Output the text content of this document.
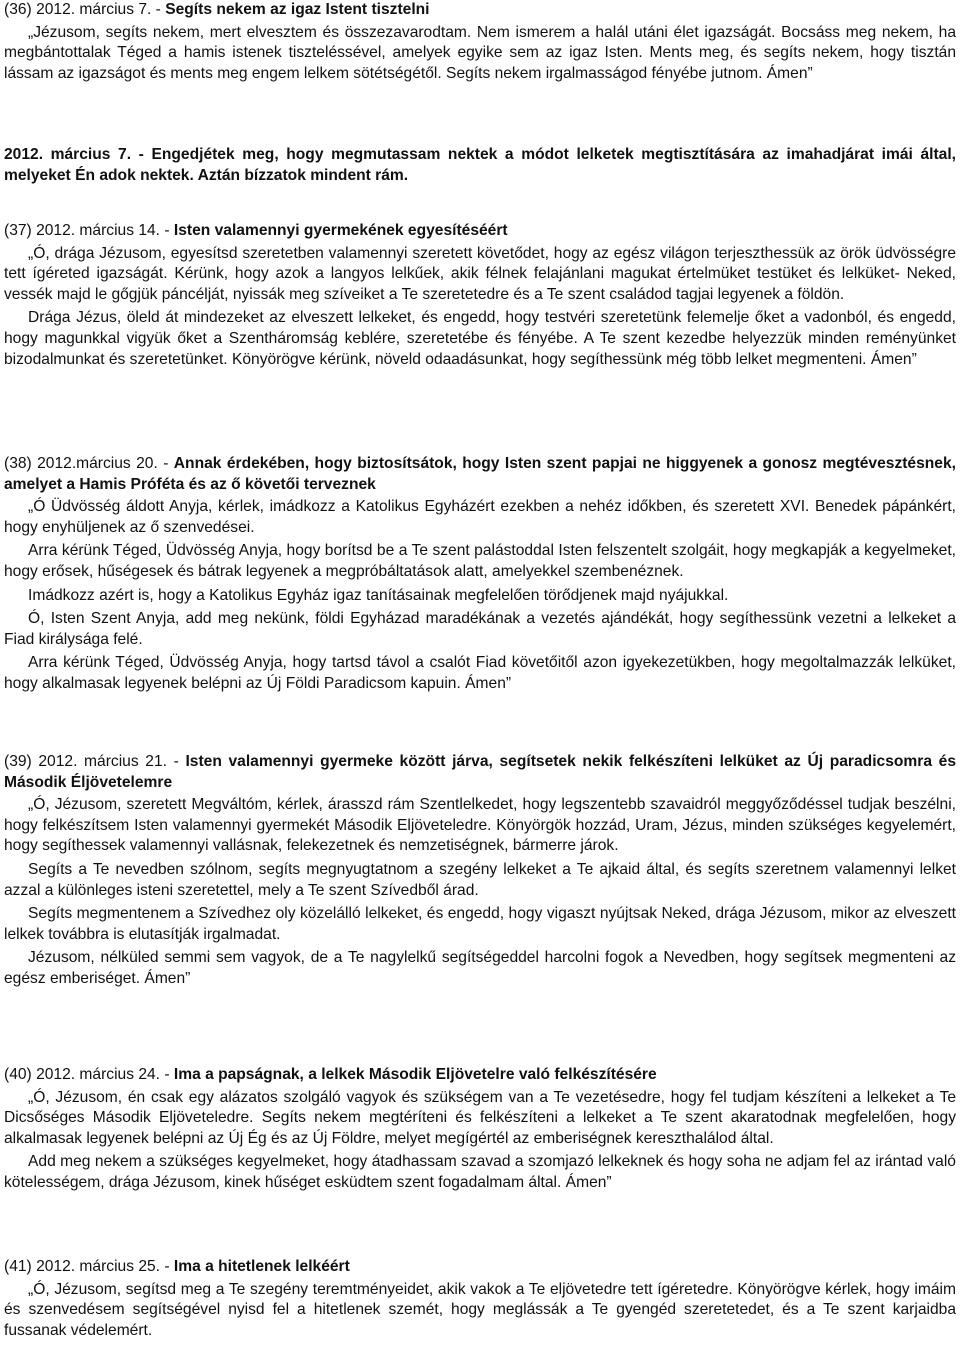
(36) 2012. március 7. - Segíts nekem az igaz Istent tisztelni

„Jézusom, segíts nekem, mert elvesztem és összezavarodtam. Nem ismerem a halál utáni élet igazságát. Bocsáss meg nekem, ha megbántottalak Téged a hamis istenek tiszteléssével, amelyek egyike sem az igaz Isten. Ments meg, és segíts nekem, hogy tisztán lássam az igazságot és ments meg engem lelkem sötétségétől. Segíts nekem irgalmasságod fényébe jutnom. Ámen”

2012. március 7. - Engedjétek meg, hogy megmutassam nektek a módot lelketek megtisztítására az imahadjárat imái által, melyeket Én adok nektek. Aztán bízzatok mindent rám.

(37) 2012. március 14. - Isten valamennyi gyermekének egyesítéséért

„Ó, drága Jézusom, egyesítsd szeretetben valamennyi szeretett követődet, hogy az egész világon terjeszthessük az örök üdvösségre tett ígéreted igazságát. Kérünk, hogy azok a langyos lelkűek, akik félnek felajánlani magukat értelmüket testüket és lelküket- Neked, vessék majd le gőgjük páncélját, nyissák meg szíveiket a Te szeretetedre és a Te szent családod tagjai legyenek a földön.

Drága Jézus, öleld át mindezeket az elveszett lelkeket, és engedd, hogy testvéri szeretetünk felemelje őket a vadonból, és engedd, hogy magunkkal vigyük őket a Szentháromság keblére, szeretetébe és fényébe. A Te szent kezedbe helyezzük minden reményünket bizodalmunkat és szeretetünket. Könyörögve kérünk, növeld odaadásunkat, hogy segíthessünk még több lelket megmenteni. Ámen”

(38) 2012.március 20. - Annak érdekében, hogy biztosítsátok, hogy Isten szent papjai ne higgyenek a gonosz megtévesztésnek, amelyet a Hamis Próféta és az ő követői terveznek

„Ó Üdvösség áldott Anyja, kérlek, imádkozz a Katolikus Egyházért ezekben a nehéz időkben, és szeretett XVI. Benedek pápánkért, hogy enyhüljenek az ő szenvedései.

Arra kérünk Téged, Üdvösség Anyja, hogy borítsd be a Te szent palástoddal Isten felszentelt szolgáit, hogy megkapják a kegyelmeket, hogy erősek, hűségesek és bátrak legyenek a megpróbáltatások alatt, amelyekkel szembenéznek.

Imádkozz azért is, hogy a Katolikus Egyház igaz tanításainak megfelelően törődjenek majd nyájukkal.

Ó, Isten Szent Anyja, add meg nekünk, földi Egyházad maradékának a vezetés ajándékát, hogy segíthessünk vezetni a lelkeket a Fiad királysága felé.

Arra kérünk Téged, Üdvösség Anyja, hogy tartsd távol a csalót Fiad követőitől azon igyekezetükben, hogy megoltalmazzák lelküket, hogy alkalmasak legyenek belépni az Új Földi Paradicsom kapuin. Ámen”

(39) 2012. március 21. - Isten valamennyi gyermeke között járva, segítsetek nekik felkészíteni lelküket az Új paradicsomra és Második Éljövetelemre

„Ó, Jézusom, szeretett Megváltóm, kérlek, árasszd rám Szentlelkedet, hogy legszentebb szavaidról meggyőződéssel tudjak beszélni, hogy felkészítsem Isten valamennyi gyermekét Második Eljövetel​edre. Könyörgök hozzád, Uram, Jézus, minden szükséges kegyelemért, hogy segíthessek valamennyi vallásnak, felekezetnek és nemzetiségnek, bármerre járok.

Segíts a Te nevedben szólnom, segíts megnyugtatnom a szegény lelkeket a Te ajkaid által, és segíts szeretnem valamennyi lelket azzal a különleges isteni szeretettel, mely a Te szent Szívedből árad.

Segíts megmentenem a Szívedhez oly közelálló lelkeket, és engedd, hogy vigaszt nyújtsak Neked, drága Jézusom, mikor az elveszett lelkek továbbra is elutasítják irgalmadat.

Jézusom, nélküled semmi sem vagyok, de a Te nagylelkű segítségeddel harcolni fogok a Nevedben, hogy segítsek megmenteni az egész emberiséget. Ámen”

(40) 2012. március 24. - Ima a papságnak, a lelkek Második Eljövetelre való felkészítésére

„Ó, Jézusom, én csak egy alázatos szolgáló vagyok és szükségem van a Te vezetésedre, hogy fel tudjam készíteni a lelkeket a Te Dicsőséges Második Eljövetel​edre. Segíts nekem megtéríteni és felkészíteni a lelkeket a Te szent akaratodnak megfelelően, hogy alkalmasak legyenek belépni az Új Ég és az Új Földre, melyet megígértél az emberiségnek kereszthalálod által.

Add meg nekem a szükséges kegyelmeket, hogy átadhassam szavad a szomjazó lelkeknek és hogy soha ne adjam fel az irántad való kötelességem, drága Jézusom, kinek hűséget esküdtem szent fogadalmam által. Ámen”

(41) 2012. március 25. - Ima a hitetlenek lelkéért

„Ó, Jézusom, segítsd meg a Te szegény teremtményeidet, akik vakok a Te eljövetedre tett ígéretedre. Könyörögve kérlek, hogy imáim és szenvedésem segítségével nyisd fel a hitetlenek szemét, hogy meglássák a Te gyengéd szeretetedet, és a Te szent karjaidba fussanak védelemért.
